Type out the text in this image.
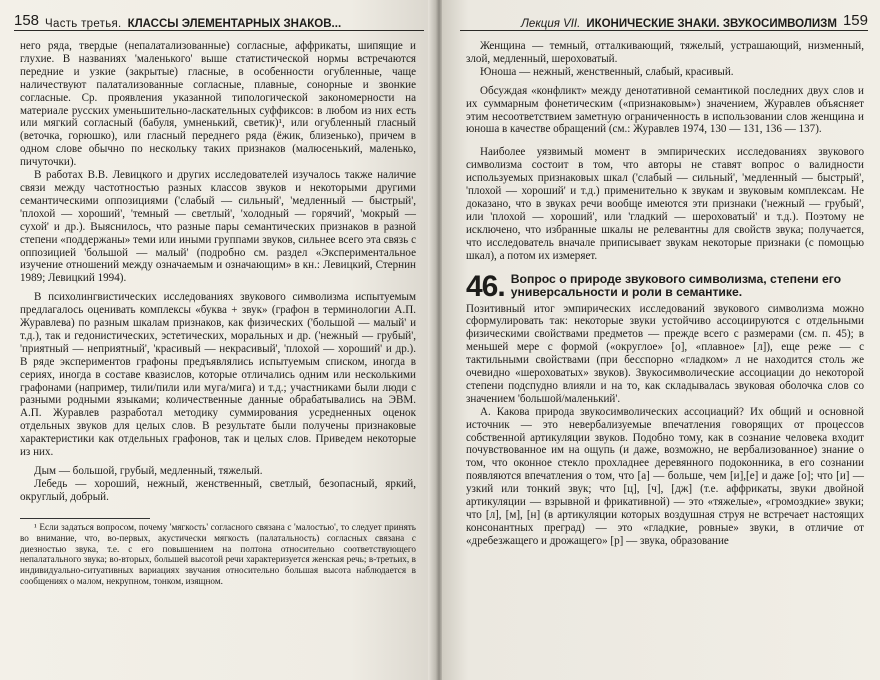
158 Часть третья. КЛАССЫ ЭЛЕМЕНТАРНЫХ ЗНАКОВ...

него ряда, твердые (непалатализованные) согласные, аффрикаты, шипящие и глухие. В названиях 'маленького' выше статистической нормы встречаются передние и узкие (закрытые) гласные, в особенности огубленные, чаще наличествуют палатализованные согласные, плавные, сонорные и звонкие согласные. Ср. проявления указанной типологической закономерности на материале русских уменьшительно-ласкательных суффиксов: в любом из них есть или мягкий согласный (бабуля, умненький, светик)¹, или огубленный гласный (веточка, горюшко), или гласный переднего ряда (ёжик, близенько), причем в одном слове обычно по нескольку таких признаков (малюсенький, маленько, пичуточки).

В работах В.В. Левицкого и других исследователей изучалось также наличие связи между частотностью разных классов звуков и некоторыми другими семантическими оппозициями ('слабый — сильный', 'медленный — быстрый', 'плохой — хороший', 'темный — светлый', 'холодный — горячий', 'мокрый — сухой' и др.). Выяснилось, что разные пары семантических признаков в разной степени «поддержаны» теми или иными группами звуков, сильнее всего эта связь с оппозицией 'большой — малый' (подробно см. раздел «Экспериментальное изучение отношений между означаемым и означающим» в кн.: Левицкий, Стернин 1989; Левицкий 1994).

В психолингвистических исследованиях звукового символизма испытуемым предлагалось оценивать комплексы «буква + звук» (графон в терминологии А.П. Журавлева) по разным шкалам признаков, как физических ('большой — малый' и т.д.), так и гедонистических, эстетических, моральных и др. ('нежный — грубый', 'приятный — неприятный', 'красивый — некрасивый', 'плохой — хороший' и др.). В ряде экспериментов графоны предъявлялись испытуемым списком, иногда в сериях, иногда в составе квазислов, которые отличались одним или несколькими графонами (например, тили/пили или муга/мига) и т.д.; участниками были люди с разными родными языками; количественные данные обрабатывались на ЭВМ. А.П. Журавлев разработал методику суммирования усредненных оценок отдельных звуков для целых слов. В результате были получены признаковые характеристики как отдельных графонов, так и целых слов. Приведем некоторые из них.

Дым — большой, грубый, медленный, тяжелый.

Лебедь — хороший, нежный, женственный, светлый, безопасный, яркий, округлый, добрый.

¹ Если задаться вопросом, почему 'мягкость' согласного связана с 'малостью', то следует принять во внимание, что, во-первых, акустически мягкость (палатальность) согласных связана с диезностью звука, т.е. с его повышением на полтона относительно соответствующего непалатального звука; во-вторых, большей высотой речи характеризуется женская речь; в-третьих, в индивидуально-ситуативных вариациях звучания относительно большая высота наблюдается в сообщениях о малом, некрупном, тонком, изящном.

Лекция VII. ИКОНИЧЕСКИЕ ЗНАКИ. ЗВУКОСИМВОЛИЗМ 159

Женщина — темный, отталкивающий, тяжелый, устрашающий, низменный, злой, медленный, шероховатый.

Юноша — нежный, женственный, слабый, красивый.

Обсуждая «конфликт» между денотативной семантикой последних двух слов и их суммарным фонетическим («признаковым») значением, Журавлев объясняет этим несоответствием заметную ограниченность в использовании слов женщина и юноша в качестве обращений (см.: Журавлев 1974, 130 — 131, 136 — 137).

Наиболее уязвимый момент в эмпирических исследованиях звукового символизма состоит в том, что авторы не ставят вопрос о валидности используемых признаковых шкал ('слабый — сильный', 'медленный — быстрый', 'плохой — хороший' и т.д.) применительно к звукам и звуковым комплексам. Не доказано, что в звуках речи вообще имеются эти признаки ('нежный — грубый', или 'плохой — хороший', или 'гладкий — шероховатый' и т.д.). Поэтому не исключено, что избранные шкалы не релевантны для свойств звука; получается, что исследователь вначале приписывает звукам некоторые признаки (с помощью шкал), а потом их измеряет.

46. Вопрос о природе звукового символизма, степени его универсальности и роли в семантике.

Позитивный итог эмпирических исследований звукового символизма можно сформулировать так: некоторые звуки устойчиво ассоциируются с отдельными физическими свойствами предметов — прежде всего с размерами (см. п. 45); в меньшей мере с формой («округлое» [о], «плавное» [л]), еще реже — с тактильными свойствами (при бесспорно «гладком» л не находится столь же очевидно «шероховатых» звуков). Звукосимволические ассоциации до некоторой степени подспудно влияли и на то, как складывалась звуковая оболочка слов со значением 'большой/маленький'.

А. Какова природа звукосимволических ассоциаций? Их общий и основной источник — это невербализуемые впечатления говорящих от процессов собственной артикуляции звуков. Подобно тому, как в сознание человека входит почувствованное им на ощупь (и даже, возможно, не вербализованное) знание о том, что оконное стекло прохладнее деревянного подоконника, в его сознании появляются впечатления о том, что [а] — больше, чем [и],[е] и даже [о]; что [и] — узкий или тонкий звук; что [ц], [ч], [дж] (т.е. аффрикаты, звуки двойной артикуляции — взрывной и фрикативной) — это «тяжелые», «громоздкие» звуки; что [л], [м], [н] (в артикуляции которых воздушная струя не встречает настоящих консонантных преград) — это «гладкие, ровные» звуки, в отличие от «дребезжащего и дрожащего» [р] — звука, образование
